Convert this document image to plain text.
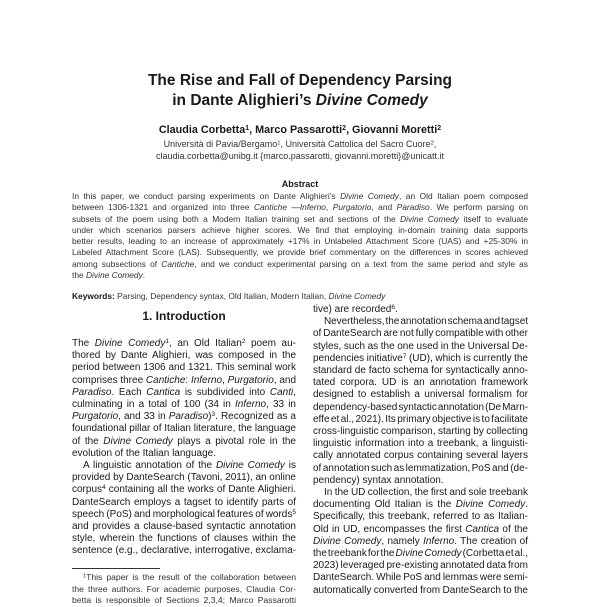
The Rise and Fall of Dependency Parsing
in Dante Alighieri’s Divine Comedy
Claudia Corbetta$^1$, Marco Passarotti$^2$, Giovanni Moretti$^2$
Università di Pavia/Bergamo$^1$, Università Cattolica del Sacro Cuore$^2$,
claudia.corbetta@unibg.it {marco.passarotti, giovanni.moretti}@unicatt.it
Abstract
In this paper, we conduct parsing experiments on Dante Alighieri’s Divine Comedy, an Old Italian poem composed
between 1306-1321 and organized into three Cantiche —Inferno, Purgatorio, and Paradiso. We perform parsing on
subsets of the poem using both a Modern Italian training set and sections of the Divine Comedy itself to evaluate
under which scenarios parsers achieve higher scores. We find that employing in-domain training data supports
better results, leading to an increase of approximately +17% in Unlabeled Attachment Score (UAS) and +25-30% in
Labeled Attachment Score (LAS). Subsequently, we provide brief commentary on the differences in scores achieved
among subsections of Cantiche, and we conduct experimental parsing on a text from the same period and style as
the Divine Comedy.
Keywords: Parsing, Dependency syntax, Old Italian, Modern Italian, Divine Comedy
1. Introduction
The Divine Comedy$^1$, an Old Italian$^2$ poem au-
thored by Dante Alighieri, was composed in the
period between 1306 and 1321. This seminal work
comprises three Cantiche: Inferno, Purgatorio, and
Paradiso. Each Cantica is subdivided into Canti,
culminating in a total of 100 (34 in Inferno, 33 in
Purgatorio, and 33 in Paradiso)$^3$. Recognized as a
foundational pillar of Italian literature, the language
of the Divine Comedy plays a pivotal role in the
evolution of the Italian language.
A linguistic annotation of the Divine Comedy is
provided by DanteSearch (Tavoni, 2011), an online
corpus$^4$ containing all the works of Dante Alighieri.
DanteSearch employs a tagset to identify parts of
speech (PoS) and morphological features of words$^5$
and provides a clause-based syntactic annotation
style, wherein the functions of clauses within the
sentence (e.g., declarative, interrogative, exclama-
$^1$This paper is the result of the collaboration between
the three authors. For academic purposes, Claudia Cor-
betta is responsible of Sections 2,3,4; Marco Passarotti
tive) are recorded$^6$.
Nevertheless, the annotation schema and tagset
of DanteSearch are not fully compatible with other
styles, such as the one used in the Universal De-
pendencies initiative$^7$ (UD), which is currently the
standard de facto schema for syntactically anno-
tated corpora. UD is an annotation framework
designed to establish a universal formalism for
dependency-based syntactic annotation (De Marn-
effe et al., 2021). Its primary objective is to facilitate
cross-linguistic comparison, starting by collecting
linguistic information into a treebank, a linguisti-
cally annotated corpus containing several layers
of annotation such as lemmatization, PoS and (de-
pendency) syntax annotation.
In the UD collection, the first and sole treebank
documenting Old Italian is the Divine Comedy.
Specifically, this treebank, referred to as Italian-
Old in UD, encompasses the first Cantica of the
Divine Comedy, namely Inferno. The creation of
the treebank for the Divine Comedy (Corbetta et al.,
2023) leveraged pre-existing annotated data from
DanteSearch. While PoS and lemmas were semi-
automatically converted from DanteSearch to the
